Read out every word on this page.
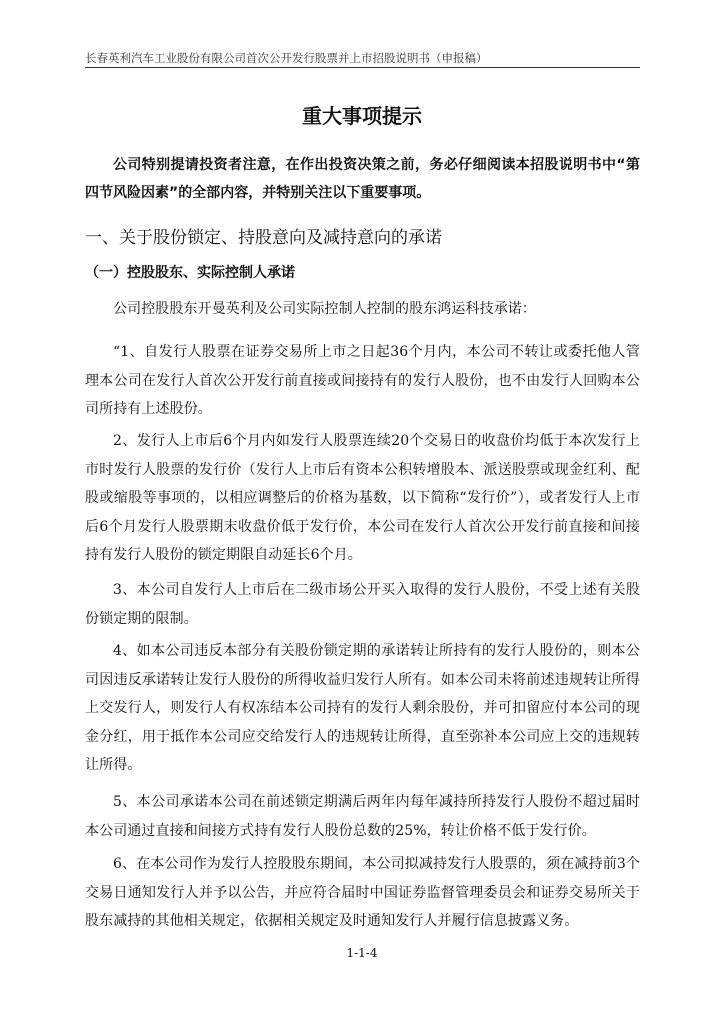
长春英利汽车工业股份有限公司首次公开发行股票并上市招股说明书（申报稿）
重大事项提示
公司特别提请投资者注意，在作出投资决策之前，务必仔细阅读本招股说明书中“第四节风险因素”的全部内容，并特别关注以下重要事项。
一、关于股份锁定、持股意向及减持意向的承诺
（一）控股股东、实际控制人承诺
公司控股股东开曼英利及公司实际控制人控制的股东鸿运科技承诺：
“1、自发行人股票在证券交易所上市之日起36个月内，本公司不转让或委托他人管理本公司在发行人首次公开发行前直接或间接持有的发行人股份，也不由发行人回购本公司所持有上述股份。
2、发行人上市后6个月内如发行人股票连续20个交易日的收盘价均低于本次发行上市时发行人股票的发行价（发行人上市后有资本公积转增股本、派送股票或现金红利、配股或缩股等事项的，以相应调整后的价格为基数，以下简称“发行价”），或者发行人上市后6个月发行人股票期末收盘价低于发行价，本公司在发行人首次公开发行前直接和间接持有发行人股份的锁定期限自动延长6个月。
3、本公司自发行人上市后在二级市场公开买入取得的发行人股份，不受上述有关股份锁定期的限制。
4、如本公司违反本部分有关股份锁定期的承诺转让所持有的发行人股份的，则本公司因违反承诺转让发行人股份的所得收益归发行人所有。如本公司未将前述违规转让所得上交发行人，则发行人有权冻结本公司持有的发行人剩余股份，并可扣留应付本公司的现金分红，用于抵作本公司应交给发行人的违规转让所得，直至弥补本公司应上交的违规转让所得。
5、本公司承诺本公司在前述锁定期满后两年内每年减持所持发行人股份不超过届时本公司通过直接和间接方式持有发行人股份总数的25%，转让价格不低于发行价。
6、在本公司作为发行人控股股东期间，本公司拟减持发行人股票的，须在减持前3个交易日通知发行人并予以公告，并应符合届时中国证券监督管理委员会和证券交易所关于股东减持的其他相关规定，依据相关规定及时通知发行人并履行信息披露义务。
1-1-4
